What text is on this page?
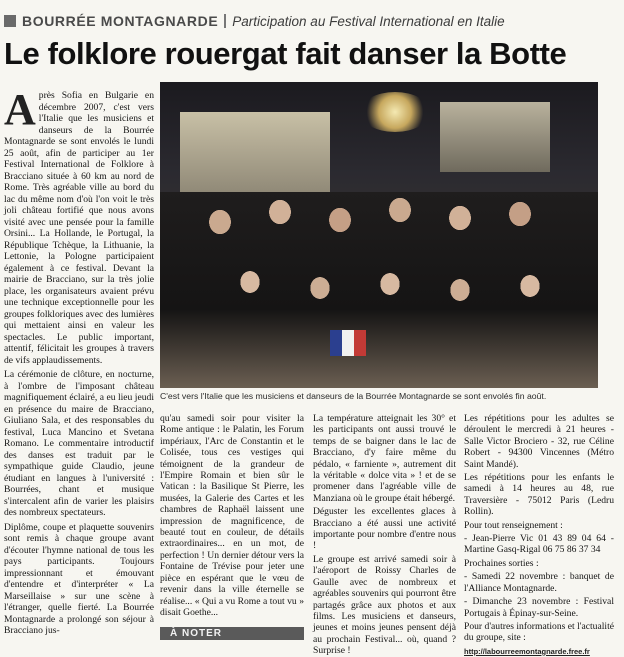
BOURRÉE MONTAGNARDE Participation au Festival International en Italie
Le folklore rouergat fait danser la Botte

Après Sofia en Bulgarie en décembre 2007, c'est vers l'Italie que les musiciens et danseurs de la Bourrée Montagnarde se sont envolés le lundi 25 août, afin de participer au 1er Festival International de Folklore à Bracciano située à 60 km au nord de Rome. Très agréable ville au bord du lac du même nom d'où l'on voit le très joli château fortifié que nous avons visité avec une pensée pour la famille Orsini... La Hollande, le Portugal, la République Tchèque, la Lithuanie, la Lettonie, la Pologne participaient également à ce festival. Devant la mairie de Bracciano, sur la très jolie place, les organisateurs avaient prévu une technique exceptionnelle pour les groupes folkloriques avec des lumières qui mettaient ainsi en valeur les spectacles. Le public important, attentif, félicitait les groupes à travers de vifs applaudissements.

La cérémonie de clôture, en nocturne, à l'ombre de l'imposant château magnifiquement éclairé, a eu lieu jeudi en présence du maire de Bracciano, Giuliano Sala, et des responsables du festival, Luca Mancino et Svetana Romano. Le commentaire introductif des danses est traduit par le sympathique guide Claudio, jeune étudiant en langues à l'université : Bourrées, chant et musique s'intercalent afin de varier les plaisirs des nombreux spectateurs.

Diplôme, coupe et plaquette souvenirs sont remis à chaque groupe avant d'écouter l'hymne national de tous les pays participants. Toujours impressionnant et émouvant d'entendre et d'interpréter « La Marseillaise » sur une scène à l'étranger, quelle fierté. La Bourrée Montagnarde a prolongé son séjour à Bracciano jus-

C'est vers l'Italie que les musiciens et danseurs de la Bourrée Montagnarde se sont envolés fin août.

qu'au samedi soir pour visiter la Rome antique : le Palatin, les Forum impériaux, l'Arc de Constantin et le Colisée, tous ces vestiges qui témoignent de la grandeur de l'Empire Romain et bien sûr le Vatican : la Basilique St Pierre, les musées, la Galerie des Cartes et les chambres de Raphaël laissent une impression de magnificence, de beauté tout en couleur, de détails extraordinaires... en un mot, de perfection ! Un dernier détour vers la Fontaine de Trévise pour jeter une pièce en espérant que le vœu de revenir dans la ville éternelle se réalise... « Qui a vu Rome a tout vu » disait Goethe...

La température atteignait les 30° et les participants ont aussi trouvé le temps de se baigner dans le lac de Bracciano, d'y faire même du pédalo, « farniente », autrement dit la véritable « dolce vita » ! et de se promener dans l'agréable ville de Manziana où le groupe était hébergé.

Déguster les excellentes glaces à Bracciano a été aussi une activité importante pour nombre d'entre nous !

Le groupe est arrivé samedi soir à l'aéroport de Roissy Charles de Gaulle avec de nombreux et agréables souvenirs qui pourront être partagés grâce aux photos et aux films. Les musiciens et danseurs, jeunes et moins jeunes pensent déjà au prochain Festival... où, quand ? Surprise !

Les répétitions pour les adultes se déroulent le mercredi à 21 heures - Salle Victor Brociero - 32, rue Céline Robert - 94300 Vincennes (Métro Saint Mandé).

Les répétitions pour les enfants le samedi à 14 heures au 48, rue Traversière - 75012 Paris (Ledru Rollin).

Pour tout renseignement :

- Jean-Pierre Vic 01 43 89 04 64 - Martine Gasq-Rigal 06 75 86 37 34

Prochaines sorties :

- Samedi 22 novembre : banquet de l'Alliance Montagnarde.

- Dimanche 23 novembre : Festival Portugais à Épinay-sur-Seine.

Pour d'autres informations et l'actualité du groupe, site :

http://labourreemontagnarde.free.fr
À NOTER
